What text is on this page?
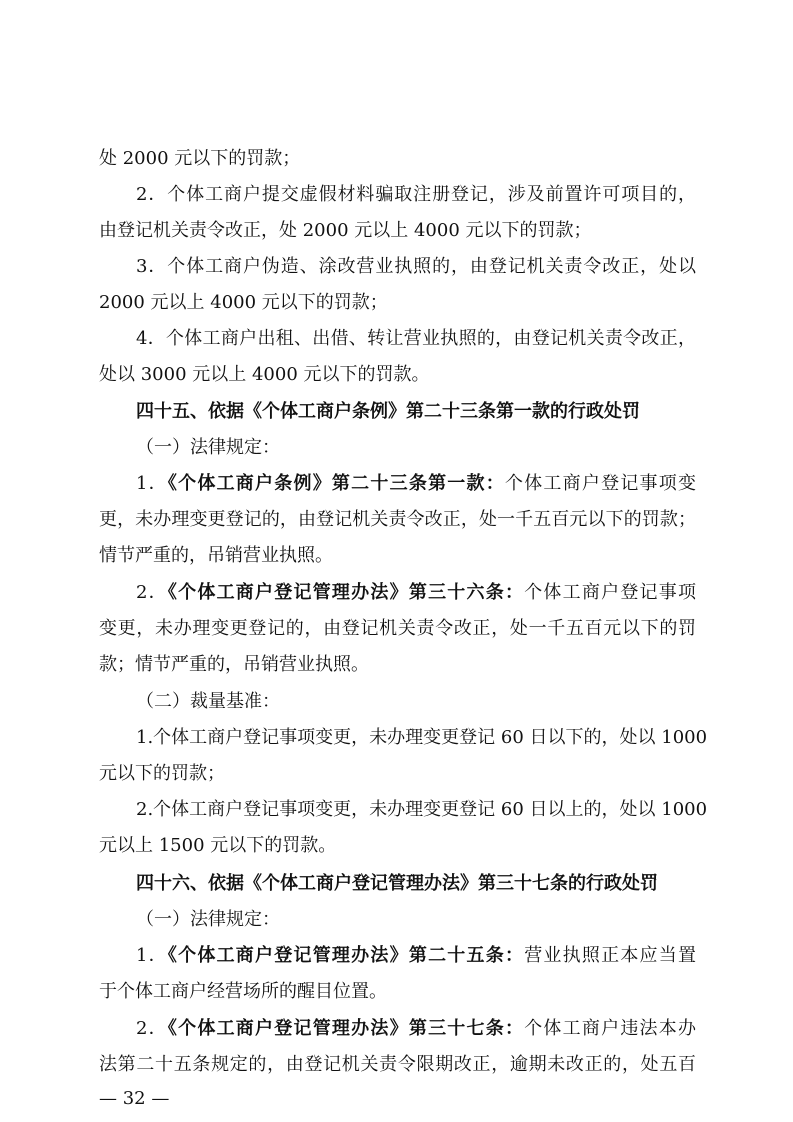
处 2000 元以下的罚款；
2．个体工商户提交虚假材料骗取注册登记，涉及前置许可项目的，
由登记机关责令改正，处 2000 元以上 4000 元以下的罚款；
3．个体工商户伪造、涂改营业执照的，由登记机关责令改正，处以
2000 元以上 4000 元以下的罚款；
4．个体工商户出租、出借、转让营业执照的，由登记机关责令改正，
处以 3000 元以上 4000 元以下的罚款。
四十五、依据《个体工商户条例》第二十三条第一款的行政处罚
（一）法律规定：
1．《个体工商户条例》第二十三条第一款：个体工商户登记事项变
更，未办理变更登记的，由登记机关责令改正，处一千五百元以下的罚款；
情节严重的，吊销营业执照。
2．《个体工商户登记管理办法》第三十六条：个体工商户登记事项
变更，未办理变更登记的，由登记机关责令改正，处一千五百元以下的罚
款；情节严重的，吊销营业执照。
（二）裁量基准：
1.个体工商户登记事项变更，未办理变更登记 60 日以下的，处以 1000
元以下的罚款；
2.个体工商户登记事项变更，未办理变更登记 60 日以上的，处以 1000
元以上 1500 元以下的罚款。
四十六、依据《个体工商户登记管理办法》第三十七条的行政处罚
（一）法律规定：
1．《个体工商户登记管理办法》第二十五条：营业执照正本应当置
于个体工商户经营场所的醒目位置。
2．《个体工商户登记管理办法》第三十七条：个体工商户违法本办
法第二十五条规定的，由登记机关责令限期改正，逾期未改正的，处五百
— 32 —
